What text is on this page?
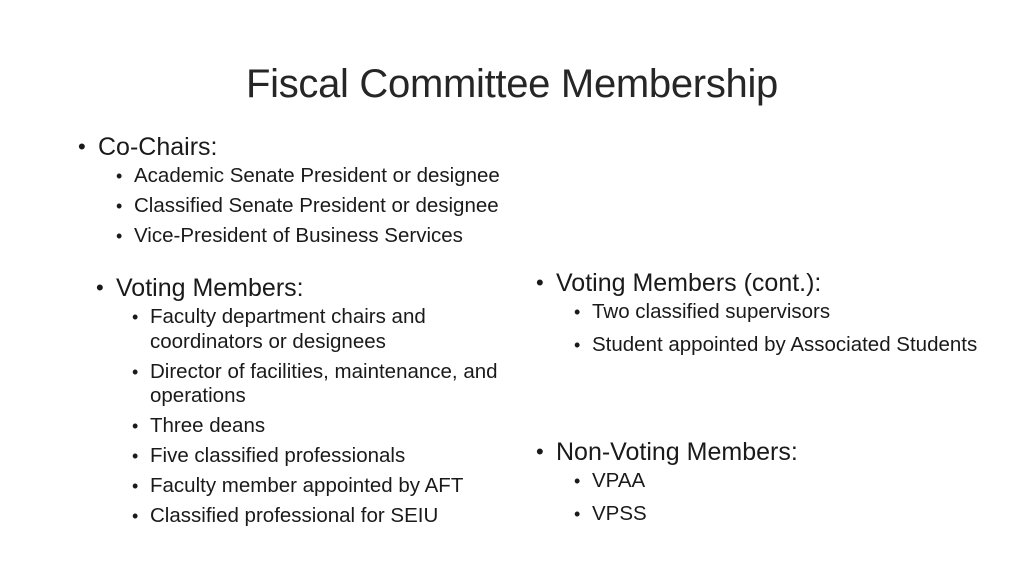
Fiscal Committee Membership
• Co-Chairs:
• Academic Senate President or designee
• Classified Senate President or designee
• Vice-President of Business Services
• Voting Members:
• Faculty department chairs and coordinators or designees
• Director of facilities, maintenance, and operations
• Three deans
• Five classified professionals
• Faculty member appointed by AFT
• Classified professional for SEIU
• Voting Members (cont.):
• Two classified supervisors
• Student appointed by Associated Students
• Non-Voting Members:
• VPAA
• VPSS
